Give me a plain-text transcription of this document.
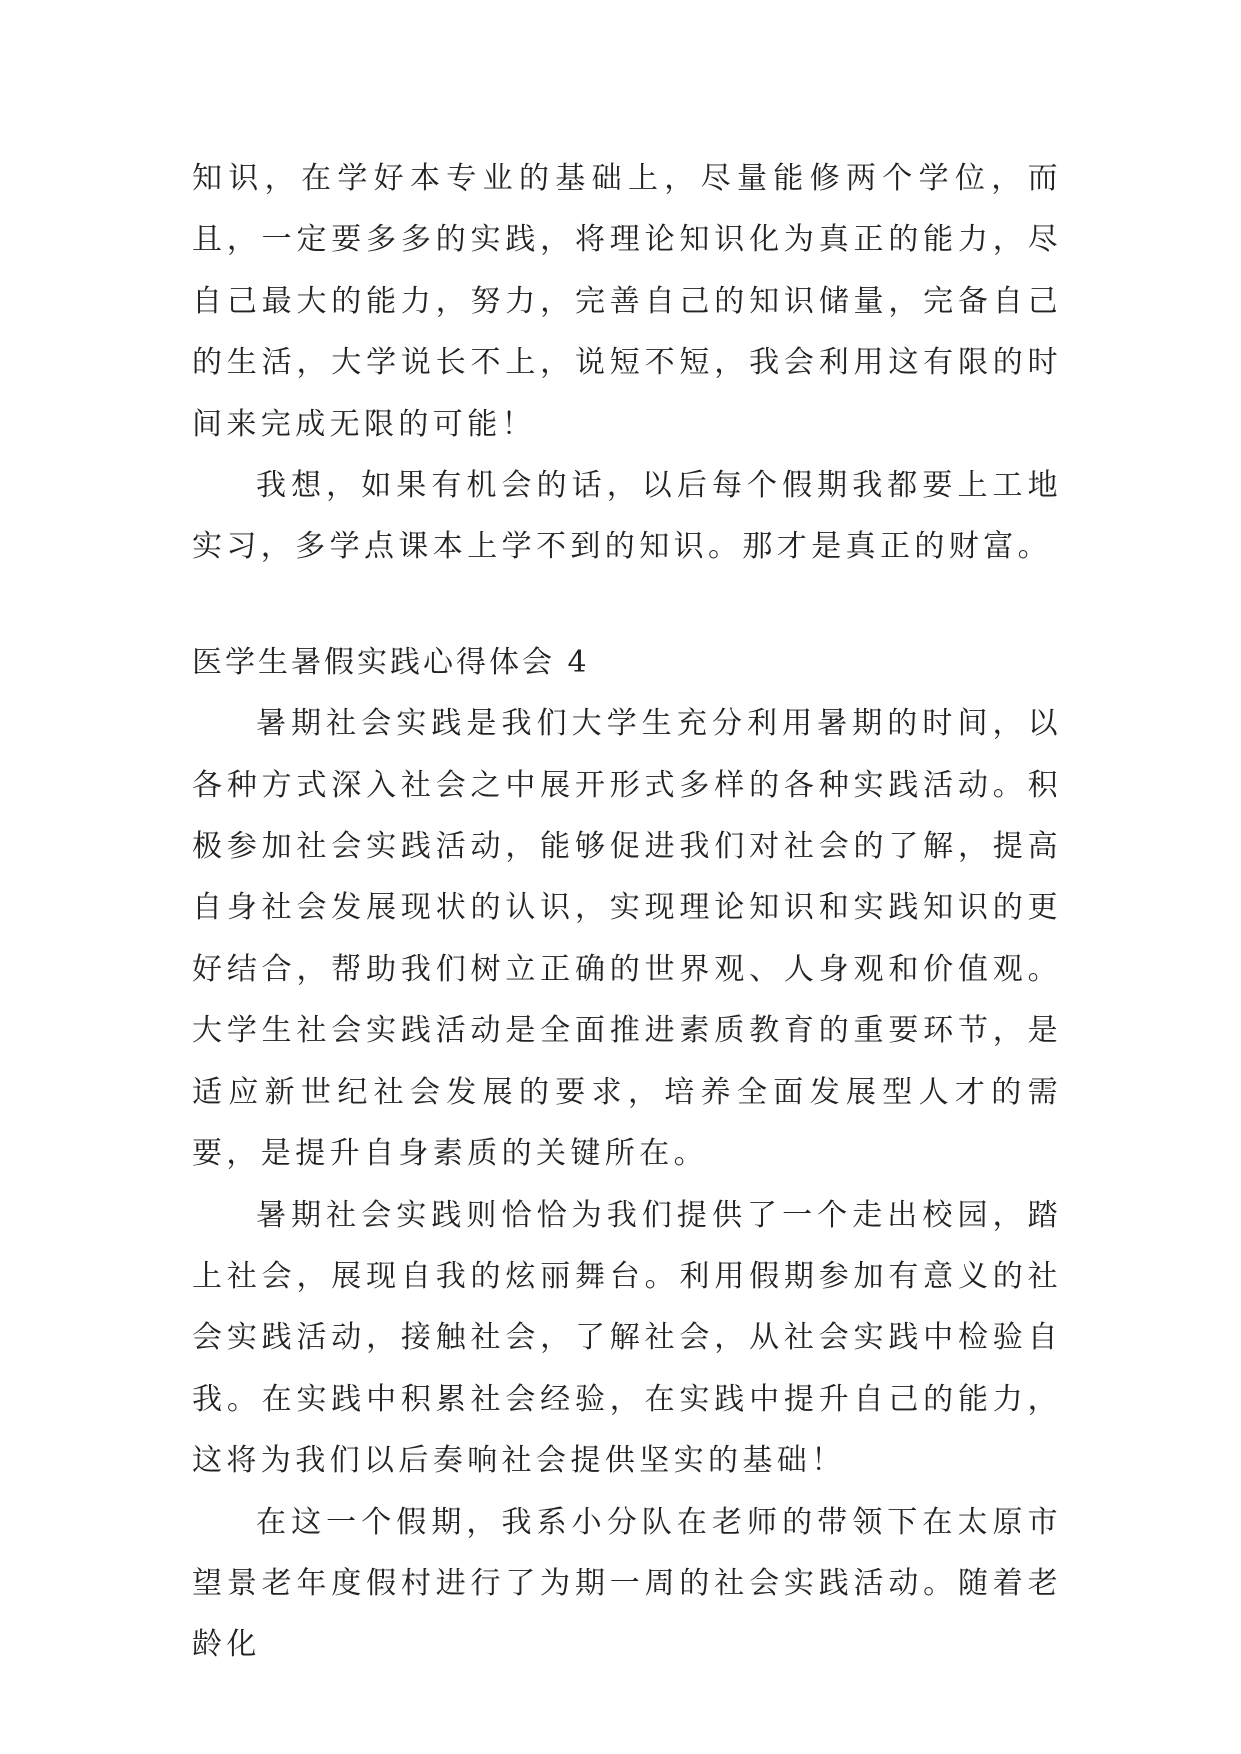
知识，在学好本专业的基础上，尽量能修两个学位，而且，一定要多多的实践，将理论知识化为真正的能力，尽自己最大的能力，努力，完善自己的知识储量，完备自己的生活，大学说长不上，说短不短，我会利用这有限的时间来完成无限的可能！

我想，如果有机会的话，以后每个假期我都要上工地实习，多学点课本上学不到的知识。那才是真正的财富。

医学生暑假实践心得体会 4

暑期社会实践是我们大学生充分利用暑期的时间，以各种方式深入社会之中展开形式多样的各种实践活动。积极参加社会实践活动，能够促进我们对社会的了解，提高自身社会发展现状的认识，实现理论知识和实践知识的更好结合，帮助我们树立正确的世界观、人身观和价值观。大学生社会实践活动是全面推进素质教育的重要环节，是适应新世纪社会发展的要求，培养全面发展型人才的需要，是提升自身素质的关键所在。

暑期社会实践则恰恰为我们提供了一个走出校园，踏上社会，展现自我的炫丽舞台。利用假期参加有意义的社会实践活动，接触社会，了解社会，从社会实践中检验自我。在实践中积累社会经验，在实践中提升自己的能力，这将为我们以后奏响社会提供坚实的基础！

在这一个假期，我系小分队在老师的带领下在太原市望景老年度假村进行了为期一周的社会实践活动。随着老龄化
